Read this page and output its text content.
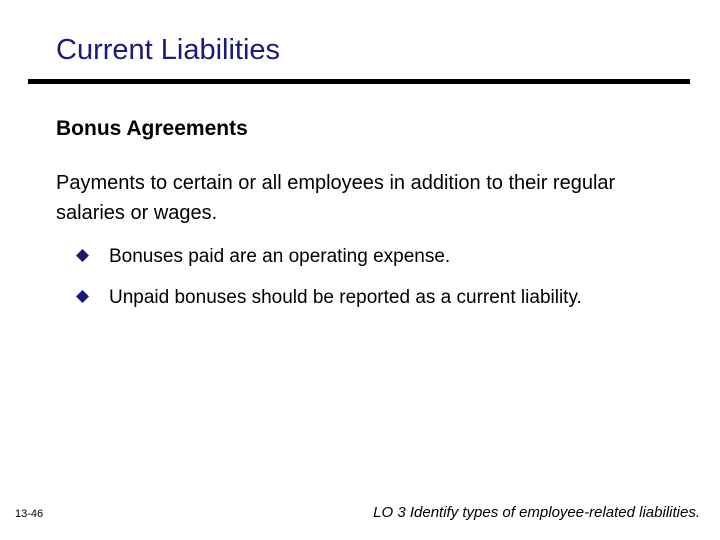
Current Liabilities
Bonus Agreements
Payments to certain or all employees in addition to their regular salaries or wages.
Bonuses paid are an operating expense.
Unpaid bonuses should be reported as a current liability.
13-46	LO 3 Identify types of employee-related liabilities.
